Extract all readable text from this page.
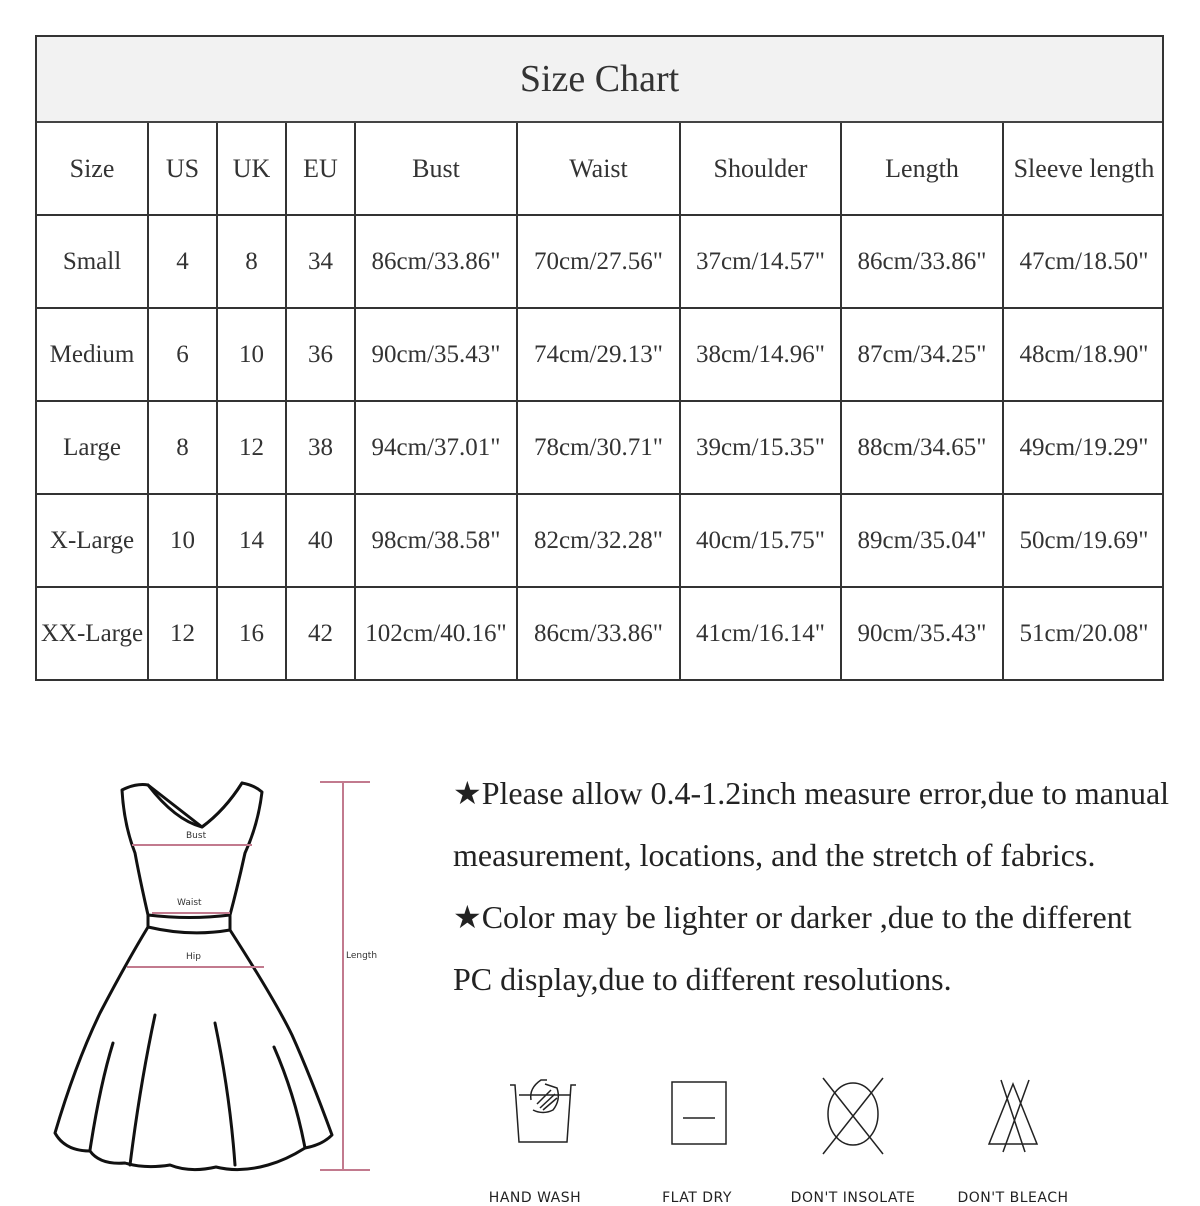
Size Chart
Size	US	UK	EU	Bust	Waist	Shoulder	Length	Sleeve length
Small	4	8	34	86cm/33.86"	70cm/27.56"	37cm/14.57"	86cm/33.86"	47cm/18.50"
Medium	6	10	36	90cm/35.43"	74cm/29.13"	38cm/14.96"	87cm/34.25"	48cm/18.90"
Large	8	12	38	94cm/37.01"	78cm/30.71"	39cm/15.35"	88cm/34.65"	49cm/19.29"
X-Large	10	14	40	98cm/38.58"	82cm/32.28"	40cm/15.75"	89cm/35.04"	50cm/19.69"
XX-Large	12	16	42	102cm/40.16"	86cm/33.86"	41cm/16.14"	90cm/35.43"	51cm/20.08"
Bust
Waist
Hip	Length

★Please allow 0.4-1.2inch measure error,due to manual measurement, locations, and the stretch of fabrics.

★Color may be lighter or darker ,due to the different PC display,due to different resolutions.

HAND WASH	FLAT DRY	DON'T INSOLATE	DON'T BLEACH
